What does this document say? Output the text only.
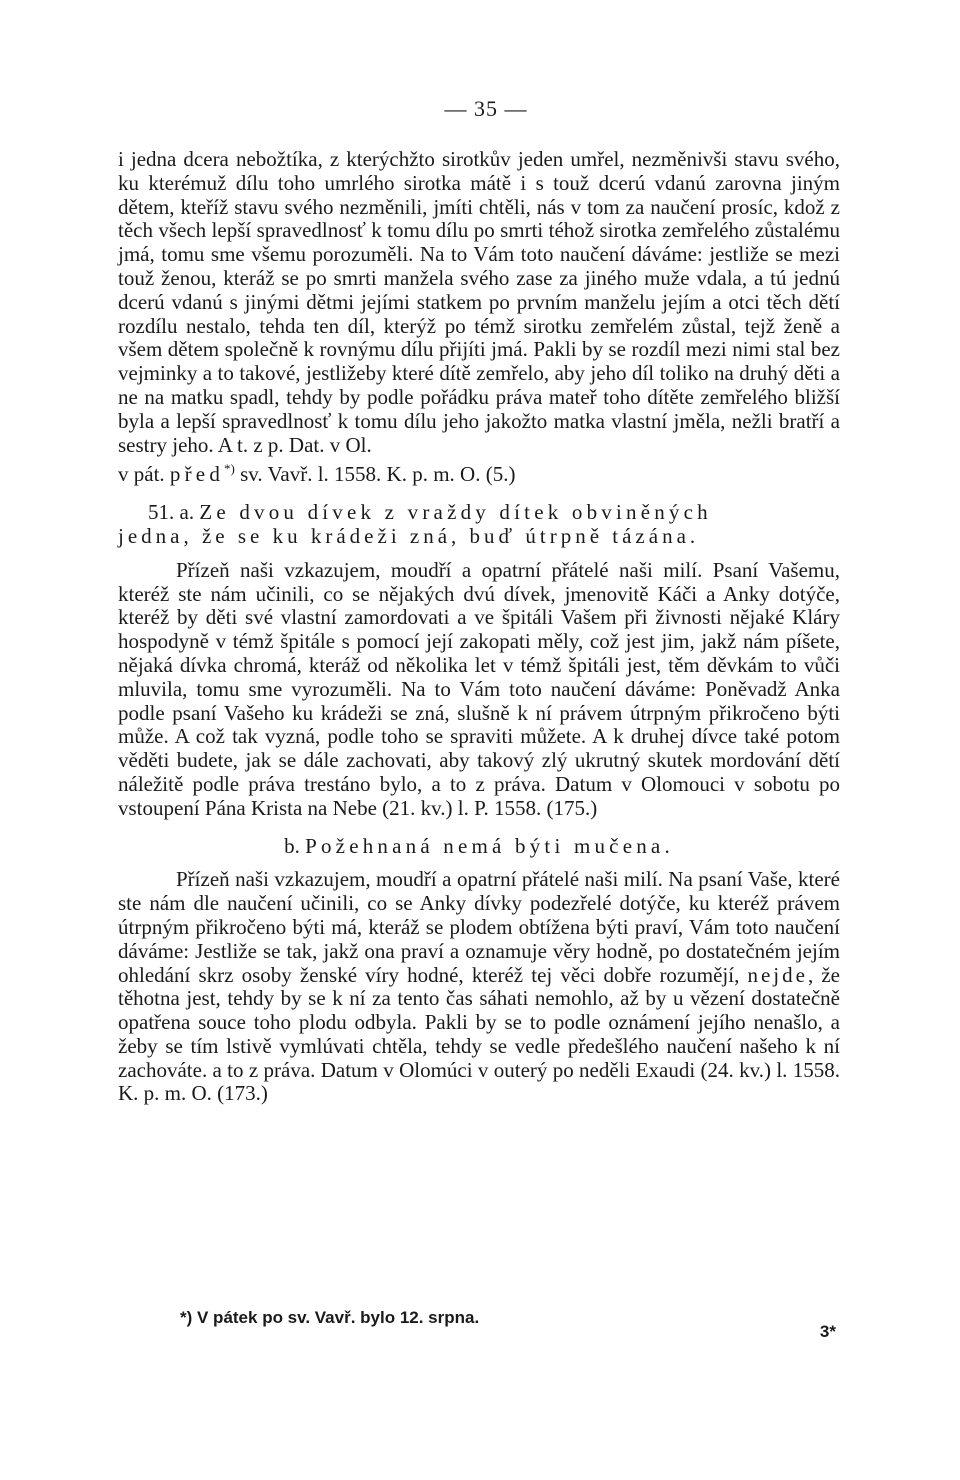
— 35 —

i jedna dcera nebožtíka, z kterýchžto sirotkův jeden umřel, nezměnivši stavu svého, ku kterémuž dílu toho umrlého sirotka mátě i s touž dcerú vdanú zarovna jiným dětem, kteříž stavu svého nezměnili, jmíti chtěli, nás v tom za naučení prosíc, kdož z těch všech lepší spravedlnosť k tomu dílu po smrti téhož sirotka zemřelého zůstalému jmá, tomu sme všemu porozuměli. Na to Vám toto naučení dáváme: jestliže se mezi touž ženou, kteráž se po smrti manžela svého zase za jiného muže vdala, a tú jednú dcerú vdanú s jinými dětmi jejími statkem po prvním manželu jejím a otci těch dětí rozdílu nestalo, tehda ten díl, kterýž po témž sirotku zemřelém zůstal, tejž ženě a všem dětem společně k rovnýmu dílu přijíti jmá. Pakli by se rozdíl mezi nimi stal bez vejminky a to takové, jestližeby které dítě zemřelo, aby jeho díl toliko na druhý děti a ne na matku spadl, tehdy by podle pořádku práva mateř toho dítěte zemřelého bližší byla a lepší spravedlnosť k tomu dílu jeho jakožto matka vlastní jměla, nežli bratří a sestry jeho. A t. z p. Dat. v Ol.

v pát. před*) sv. Vavř. l. 1558. K. p. m. O. (5.)

51. a. Ze dvou dívek z vraždy dítek obviněných
jedna, že se ku krádeži zná, buď útrpně tázána.

Přízeň naši vzkazujem, moudří a opatrní přátelé naši milí. Psaní Vašemu, kteréž ste nám učinili, co se nějakých dvú dívek, jmenovitě Káči a Anky dotýče, kteréž by děti své vlastní zamordovati a ve špitáli Vašem při živnosti nějaké Kláry hospodyně v témž špitále s pomocí její zakopati měly, což jest jim, jakž nám píšete, nějaká dívka chromá, kteráž od několika let v témž špitáli jest, těm děvkám to vůči mluvila, tomu sme vyrozuměli. Na to Vám toto naučení dáváme: Poněvadž Anka podle psaní Vašeho ku krádeži se zná, slušně k ní právem útrpným přikročeno býti může. A což tak vyzná, podle toho se spraviti můžete. A k druhej dívce také potom věděti budete, jak se dále zachovati, aby takový zlý ukrutný skutek mordování dětí náležitě podle práva trestáno bylo, a to z práva. Datum v Olomouci v sobotu po vstoupení Pána Krista na Nebe (21. kv.) l. P. 1558. (175.)

b. Požehnaná nemá býti mučena.

Přízeň naši vzkazujem, moudří a opatrní přátelé naši milí. Na psaní Vaše, které ste nám dle naučení učinili, co se Anky dívky podezřelé dotýče, ku kteréž právem útrpným přikročeno býti má, kteráž se plodem obtížena býti praví, Vám toto naučení dáváme: Jestliže se tak, jakž ona praví a oznamuje věry hodně, po dostatečném jejím ohledání skrz osoby ženské víry hodné, kteréž tej věci dobře rozumějí, nejde, že těhotna jest, tehdy by se k ní za tento čas sáhati nemohlo, až by u vězení dostatečně opatřena souce toho plodu odbyla. Pakli by se to podle oznámení jejího nenašlo, a žeby se tím lstivě vymlúvati chtěla, tehdy se vedle předešlého naučení našeho k ní zachováte. a to z práva. Datum v Olomúci v outerý po neděli Exaudi (24. kv.) l. 1558. K. p. m. O. (173.)

*) V pátek po sv. Vavř. bylo 12. srpna.
3*
